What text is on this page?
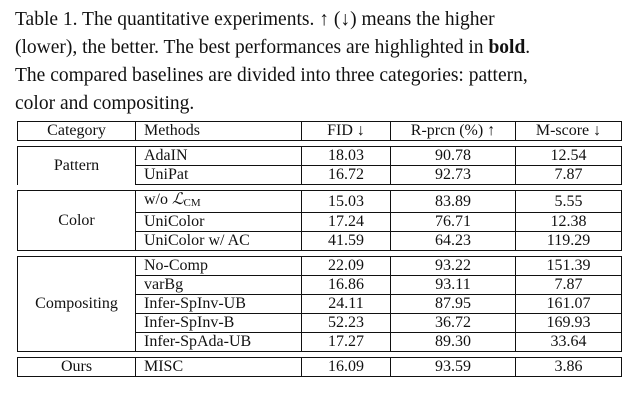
Table 1. The quantitative experiments. ↑ (↓) means the higher
(lower), the better. The best performances are highlighted in bold.
The compared baselines are divided into three categories: pattern,
color and compositing.

Category	Methods	FID ↓	R-prcn (%) ↑	M-score ↓

Pattern	AdaIN	18.03	90.78	12.54
	UniPat	16.72	92.73	7.87

Color	w/o ℒCM	15.03	83.89	5.55
	UniColor	17.24	76.71	12.38
	UniColor w/ AC	41.59	64.23	119.29

Compositing	No-Comp	22.09	93.22	151.39
	varBg	16.86	93.11	7.87
	Infer-SpInv-UB	24.11	87.95	161.07
	Infer-SpInv-B	52.23	36.72	169.93
	Infer-SpAda-UB	17.27	89.30	33.64

Ours	MISC	16.09	93.59	3.86
